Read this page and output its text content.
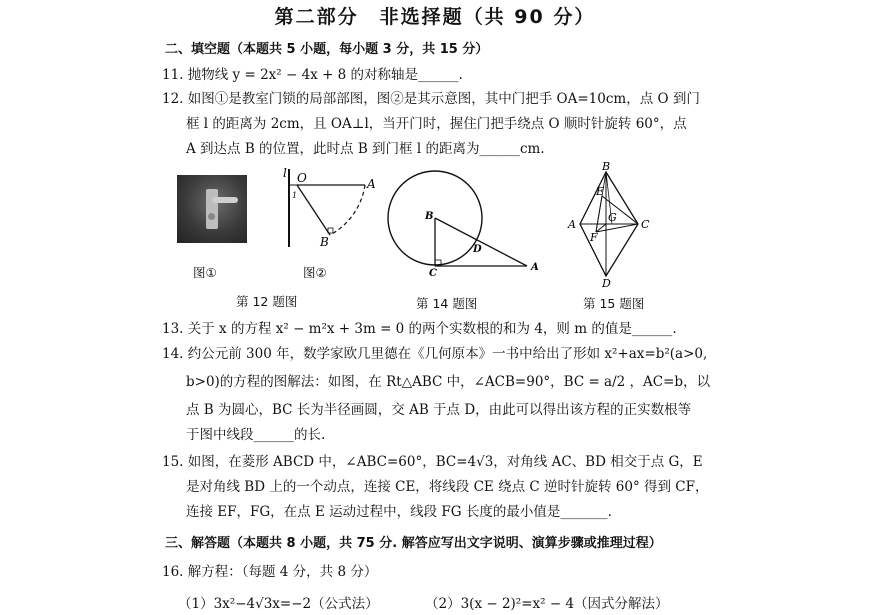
第二部分　非选择题（共 90 分）
二、填空题（本题共 5 小题，每小题 3 分，共 15 分）
11. 抛物线 y = 2x² − 4x + 8 的对称轴是______.
12. 如图①是教室门锁的局部部图，图②是其示意图，其中门把手 OA=10cm，点 O 到门
框 l 的距离为 2cm，且 OA⊥l，当开门时，握住门把手绕点 O 顺时针旋转 60°，点
A 到达点 B 的位置，此时点 B 到门框 l 的距离为______cm.
图①
l O	A
B
1
图②
第 12 题图
B
C
D
A
第 14 题图
B
E
G
A	C
F
D
第 15 题图
13. 关于 x 的方程 x² − m²x + 3m = 0 的两个实数根的和为 4，则 m 的值是______.
14. 约公元前 300 年，数学家欧几里德在《几何原本》一书中给出了形如 x²+ax=b²(a>0,
b>0)的方程的图解法：如图，在 Rt△ABC 中，∠ACB=90°，BC = a/2 ，AC=b，以
点 B 为圆心，BC 长为半径画圆，交 AB 于点 D，由此可以得出该方程的正实数根等
于图中线段______的长.
15. 如图，在菱形 ABCD 中，∠ABC=60°，BC=4√3，对角线 AC、BD 相交于点 G，E
是对角线 BD 上的一个动点，连接 CE，将线段 CE 绕点 C 逆时针旋转 60° 得到 CF，
连接 EF，FG，在点 E 运动过程中，线段 FG 长度的最小值是_______.
三、解答题（本题共 8 小题，共 75 分. 解答应写出文字说明、演算步骤或推理过程）
16. 解方程：（每题 4 分，共 8 分）
（1）3x²−4√3x=−2（公式法）	（2）3(x − 2)²=x² − 4（因式分解法）
